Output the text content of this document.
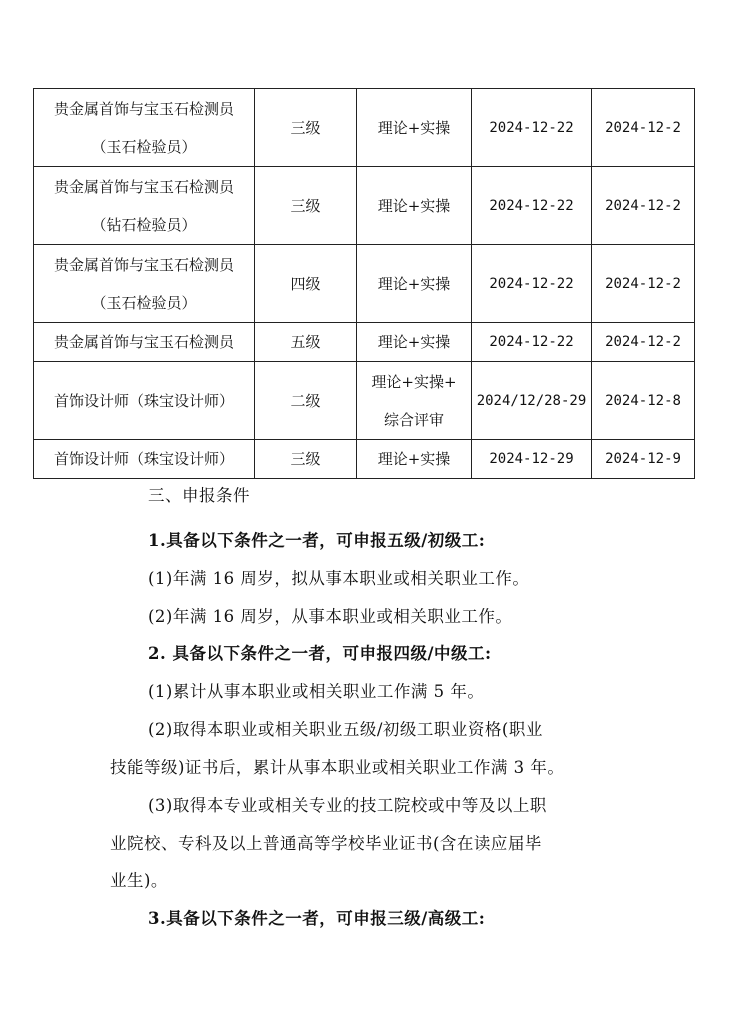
贵金属首饰与宝玉石检测员
（玉石检验员）	三级	理论+实操	2024-12-22	2024-12-2

贵金属首饰与宝玉石检测员
（钻石检验员）	三级	理论+实操	2024-12-22	2024-12-2

贵金属首饰与宝玉石检测员
（玉石检验员）	四级	理论+实操	2024-12-22	2024-12-2

贵金属首饰与宝玉石检测员	五级	理论+实操	2024-12-22	2024-12-2

首饰设计师（珠宝设计师）	二级	理论+实操+
综合评审	2024/12/28-29	2024-12-8

首饰设计师（珠宝设计师）	三级	理论+实操	2024-12-29	2024-12-9

三、申报条件

1.具备以下条件之一者，可申报五级/初级工:

(1)年满 16 周岁，拟从事本职业或相关职业工作。

(2)年满 16 周岁，从事本职业或相关职业工作。

2. 具备以下条件之一者，可申报四级/中级工:

(1)累计从事本职业或相关职业工作满 5 年。

(2)取得本职业或相关职业五级/初级工职业资格(职业

技能等级)证书后，累计从事本职业或相关职业工作满 3 年。

(3)取得本专业或相关专业的技工院校或中等及以上职

业院校、专科及以上普通高等学校毕业证书(含在读应届毕

业生)。

3.具备以下条件之一者，可申报三级/高级工:
